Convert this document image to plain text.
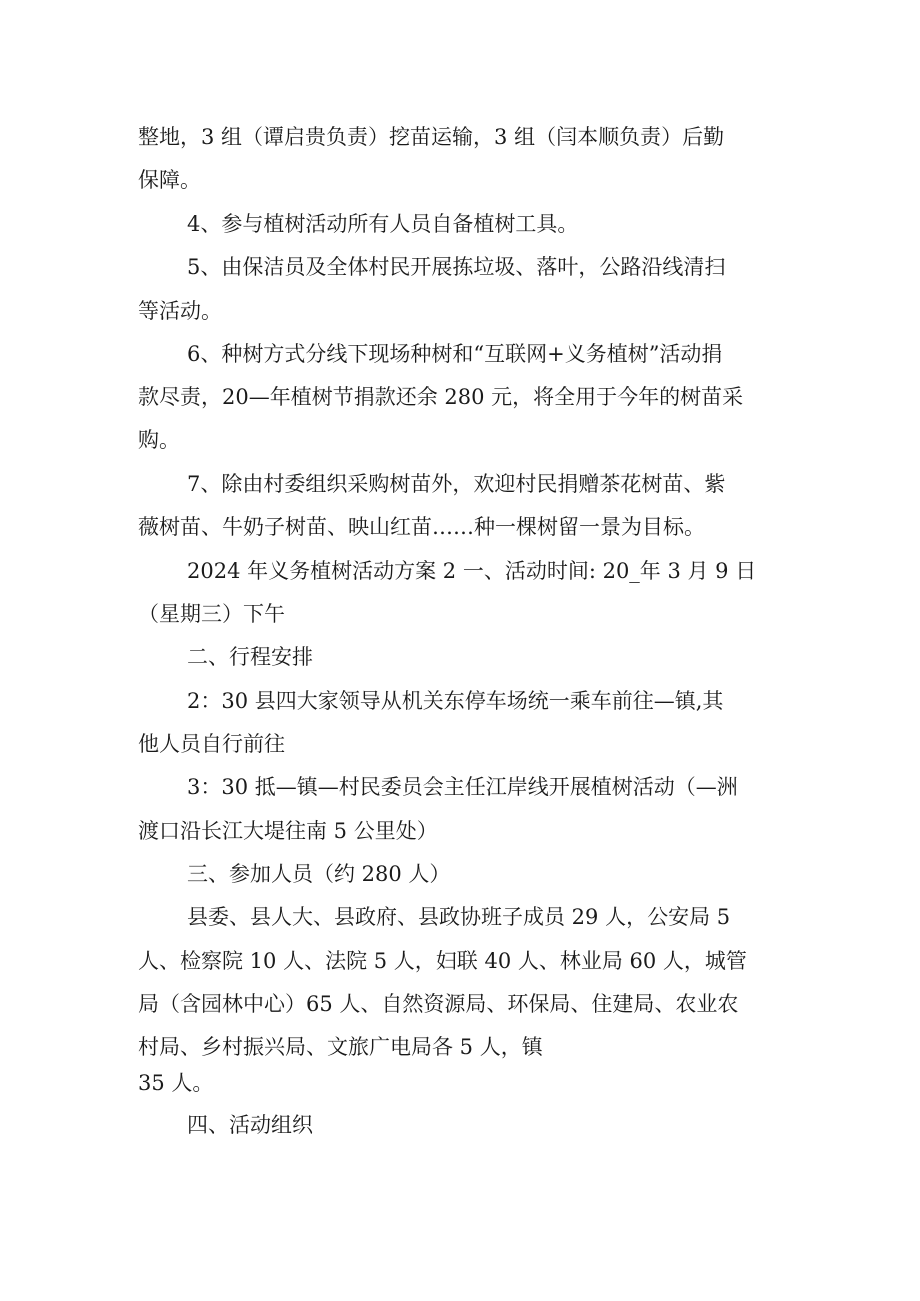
整地，3 组（谭启贵负责）挖苗运输，3 组（闫本顺负责）后勤
保障。
4、参与植树活动所有人员自备植树工具。
5、由保洁员及全体村民开展拣垃圾、落叶，公路沿线清扫
等活动。
6、种树方式分线下现场种树和“互联网+义务植树”活动捐
款尽责，20—年植树节捐款还余 280 元，将全用于今年的树苗采
购。
7、除由村委组织采购树苗外，欢迎村民捐赠茶花树苗、紫
薇树苗、牛奶子树苗、映山红苗……种一棵树留一景为目标。
2024 年义务植树活动方案 2 一、活动时间: 20_年 3 月 9 日
（星期三）下午
二、行程安排
2：30 县四大家领导从机关东停车场统一乘车前往—镇,其
他人员自行前往
3：30 抵—镇—村民委员会主任江岸线开展植树活动（—洲
渡口沿长江大堤往南 5 公里处）
三、参加人员（约 280 人）
县委、县人大、县政府、县政协班子成员 29 人，公安局 5
人、检察院 10 人、法院 5 人，妇联 40 人、林业局 60 人，城管
局（含园林中心）65 人、自然资源局、环保局、住建局、农业农
村局、乡村振兴局、文旅广电局各 5 人，镇
35 人。
四、活动组织
